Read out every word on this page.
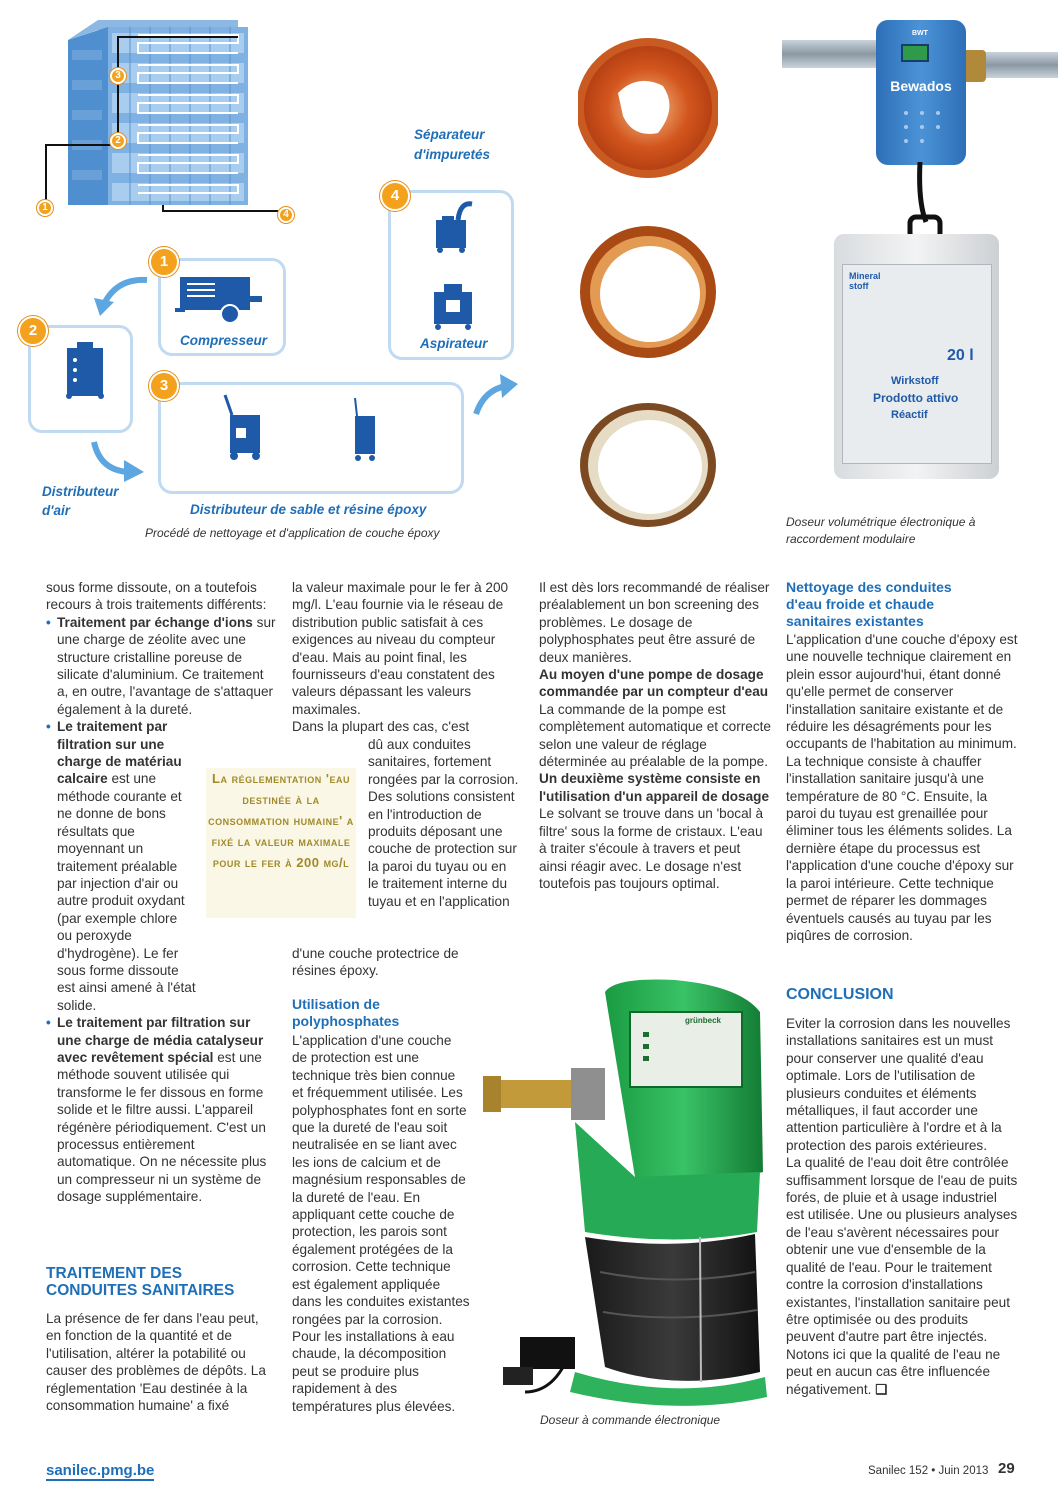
3
2
1
4
Compresseur
1
2
3
Aspirateur
4
Séparateur d'impuretés
Distributeur d'air	Distributeur de sable et résine époxy
Procédé de nettoyage et d'application de couche époxy
BWT
Bewados
Mineral
stoff
20 l
Wirkstoff
Prodotto attivo
Réactif
Doseur volumétrique électronique à raccordement modulaire

sous forme dissoute, on a toutefois recours à trois traitements différents:

• Traitement par échange d'ions sur une charge de zéolite avec une structure cristalline poreuse de silicate d'aluminium. Ce traitement a, en outre, l'avantage de s'attaquer également à la dureté.

• Le traitement par filtration sur une charge de matériau calcaire est une méthode courante et ne donne de bons résultats que moyennant un traitement préalable par injection d'air ou autre produit oxydant (par exemple chlore ou peroxyde d'hydrogène). Le fer sous forme dissoute est ainsi amené à l'état solide.

• Le traitement par filtration sur une charge de média catalyseur avec revêtement spécial est une méthode souvent utilisée qui transforme le fer dissous en forme solide et le filtre aussi. L'appareil régénère périodiquement. C'est un processus entièrement automatique. On ne nécessite plus un compresseur ni un système de dosage supplémentaire.

TRAITEMENT DES CONDUITES SANITAIRES
La présence de fer dans l'eau peut, en fonction de la quantité et de l'utilisation, altérer la potabilité ou causer des problèmes de dépôts. La réglementation 'Eau destinée à la consommation humaine' a fixé
La réglementation 'eau destinée à la consommation humaine' a fixé la valeur maximale pour le fer à 200 mg/l
la valeur maximale pour le fer à 200 mg/l. L'eau fournie via le réseau de distribution public satisfait à ces exigences au niveau du compteur d'eau. Mais au point final, les fournisseurs d'eau constatent des valeurs dépassant les valeurs maximales.
Dans la plupart des cas, c'est
dû aux conduites sanitaires, fortement rongées par la corrosion. Des solutions consistent en l'introduction de produits déposant une couche de protection sur la paroi du tuyau ou en le traitement interne du tuyau et en l'application
d'une couche protectrice de résines époxy.
Utilisation de polyphosphates
L'application d'une couche de protection est une technique très bien connue et fréquemment utilisée. Les polyphosphates font en sorte que la dureté de l'eau soit neutralisée en se liant avec les ions de calcium et de magnésium responsables de la dureté de l'eau. En appliquant cette couche de protection, les parois sont également protégées de la corrosion. Cette technique est également appliquée dans les conduites existantes rongées par la corrosion. Pour les installations à eau chaude, la décomposition peut se produire plus rapidement à des températures plus élevées.

Il est dès lors recommandé de réaliser préalablement un bon screening des problèmes. Le dosage de polyphosphates peut être assuré de deux manières.

Au moyen d'une pompe de dosage commandée par un compteur d'eau

La commande de la pompe est complètement automatique et correcte selon une valeur de réglage déterminée au préalable de la pompe.

Un deuxième système consiste en l'utilisation d'un appareil de dosage

Le solvant se trouve dans un 'bocal à filtre' sous la forme de cristaux. L'eau à traiter s'écoule à travers et peut ainsi réagir avec. Le dosage n'est toutefois pas toujours optimal.

grünbeck
Doseur à commande électronique
Nettoyage des conduites d'eau froide et chaude sanitaires existantes
L'application d'une couche d'époxy est une nouvelle technique clairement en plein essor aujourd'hui, étant donné qu'elle permet de conserver l'installation sanitaire existante et de réduire les désagréments pour les occupants de l'habitation au minimum. La technique consiste à chauffer l'installation sanitaire jusqu'à une température de 80 °C. Ensuite, la paroi du tuyau est grenaillée pour éliminer tous les éléments solides. La dernière étape du processus est l'application d'une couche d'époxy sur la paroi intérieure. Cette technique permet de réparer les dommages éventuels causés au tuyau par les piqûres de corrosion.
CONCLUSION

Eviter la corrosion dans les nouvelles installations sanitaires est un must pour conserver une qualité d'eau optimale. Lors de l'utilisation de plusieurs conduites et éléments métalliques, il faut accorder une attention particulière à l'ordre et à la protection des parois extérieures.

La qualité de l'eau doit être contrôlée suffisamment lorsque de l'eau de puits forés, de pluie et à usage industriel est utilisée. Une ou plusieurs analyses de l'eau s'avèrent nécessaires pour obtenir une vue d'ensemble de la qualité de l'eau. Pour le traitement contre la corrosion d'installations existantes, l'installation sanitaire peut être optimisée ou des produits peuvent d'autre part être injectés. Notons ici que la qualité de l'eau ne peut en aucun cas être influencée négativement. ❑

sanilec.pmg.be	Sanilec 152 • Juin 2013 29
